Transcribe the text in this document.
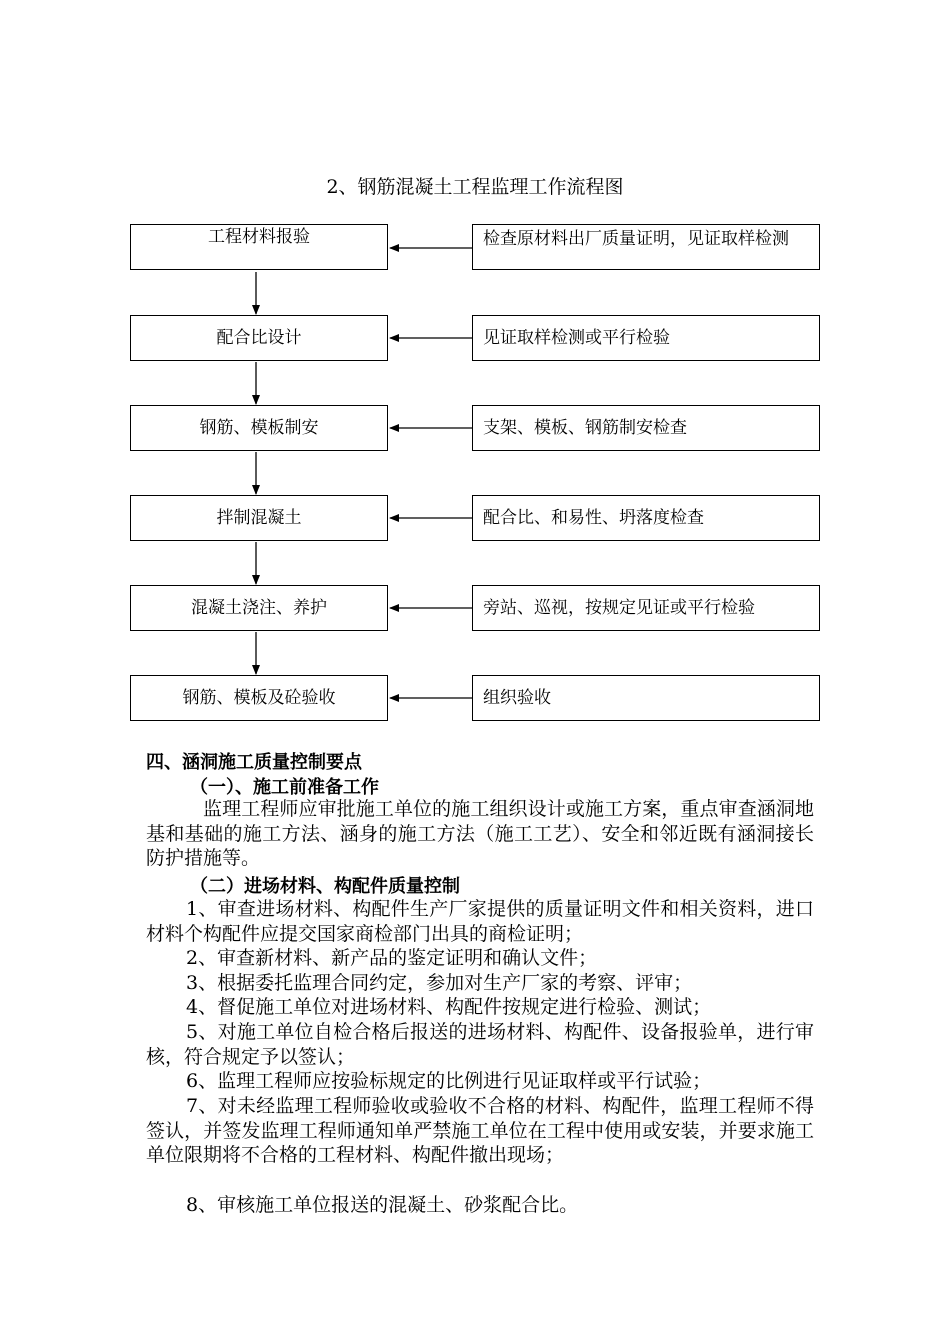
2、钢筋混凝土工程监理工作流程图
工程材料报验
配合比设计
钢筋、模板制安
拌制混凝土
混凝土浇注、养护
钢筋、模板及砼验收
检查原材料出厂质量证明，见证取样检测
见证取样检测或平行检验
支架、模板、钢筋制安检查
配合比、和易性、坍落度检查
旁站、巡视，按规定见证或平行检验
组织验收
四、涵洞施工质量控制要点
（一）、施工前准备工作
监理工程师应审批施工单位的施工组织设计或施工方案，重点审查涵洞地基和基础的施工方法、涵身的施工方法（施工工艺）、安全和邻近既有涵洞接长防护措施等。
（二）进场材料、构配件质量控制
1、审查进场材料、构配件生产厂家提供的质量证明文件和相关资料，进口材料个构配件应提交国家商检部门出具的商检证明；
2、审查新材料、新产品的鉴定证明和确认文件；
3、根据委托监理合同约定，参加对生产厂家的考察、评审；
4、督促施工单位对进场材料、构配件按规定进行检验、测试；
5、对施工单位自检合格后报送的进场材料、构配件、设备报验单，进行审核，符合规定予以签认；
6、监理工程师应按验标规定的比例进行见证取样或平行试验；
7、对未经监理工程师验收或验收不合格的材料、构配件，监理工程师不得签认，并签发监理工程师通知单严禁施工单位在工程中使用或安装，并要求施工单位限期将不合格的工程材料、构配件撤出现场；
8、审核施工单位报送的混凝土、砂浆配合比。
